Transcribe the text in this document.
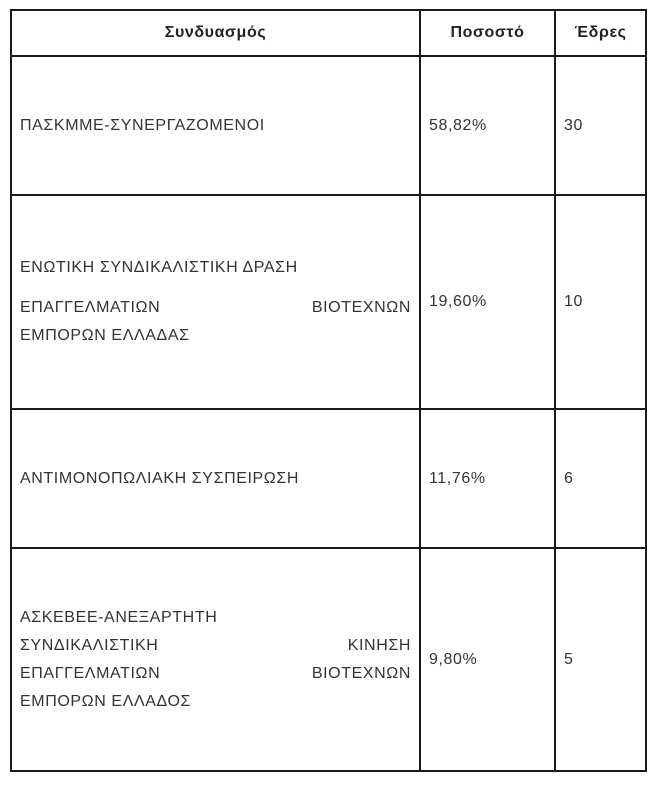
Συνδυασμός	Ποσοστό	Έδρες

ΠΑΣΚΜΜΕ-ΣΥΝΕΡΓΑΖΟΜΕΝΟΙ	58,82%	30

ΕΝΩΤΙΚΗ ΣΥΝΔΙΚΑΛΙΣΤΙΚΗ ΔΡΑΣΗ
ΕΠΑΓΓΕΛΜΑΤΙΩΝ ΒΙΟΤΕΧΝΩΝ
ΕΜΠΟΡΩΝ ΕΛΛΑΔΑΣ	19,60%	10

ΑΝΤΙΜΟΝΟΠΩΛΙΑΚΗ ΣΥΣΠΕΙΡΩΣΗ	11,76%	6

ΑΣΚΕΒΕΕ-ΑΝΕΞΑΡΤΗΤΗ
ΣΥΝΔΙΚΑΛΙΣΤΙΚΗ ΚΙΝΗΣΗ
ΕΠΑΓΓΕΛΜΑΤΙΩΝ ΒΙΟΤΕΧΝΩΝ
ΕΜΠΟΡΩΝ ΕΛΛΑΔΟΣ	9,80%	5
